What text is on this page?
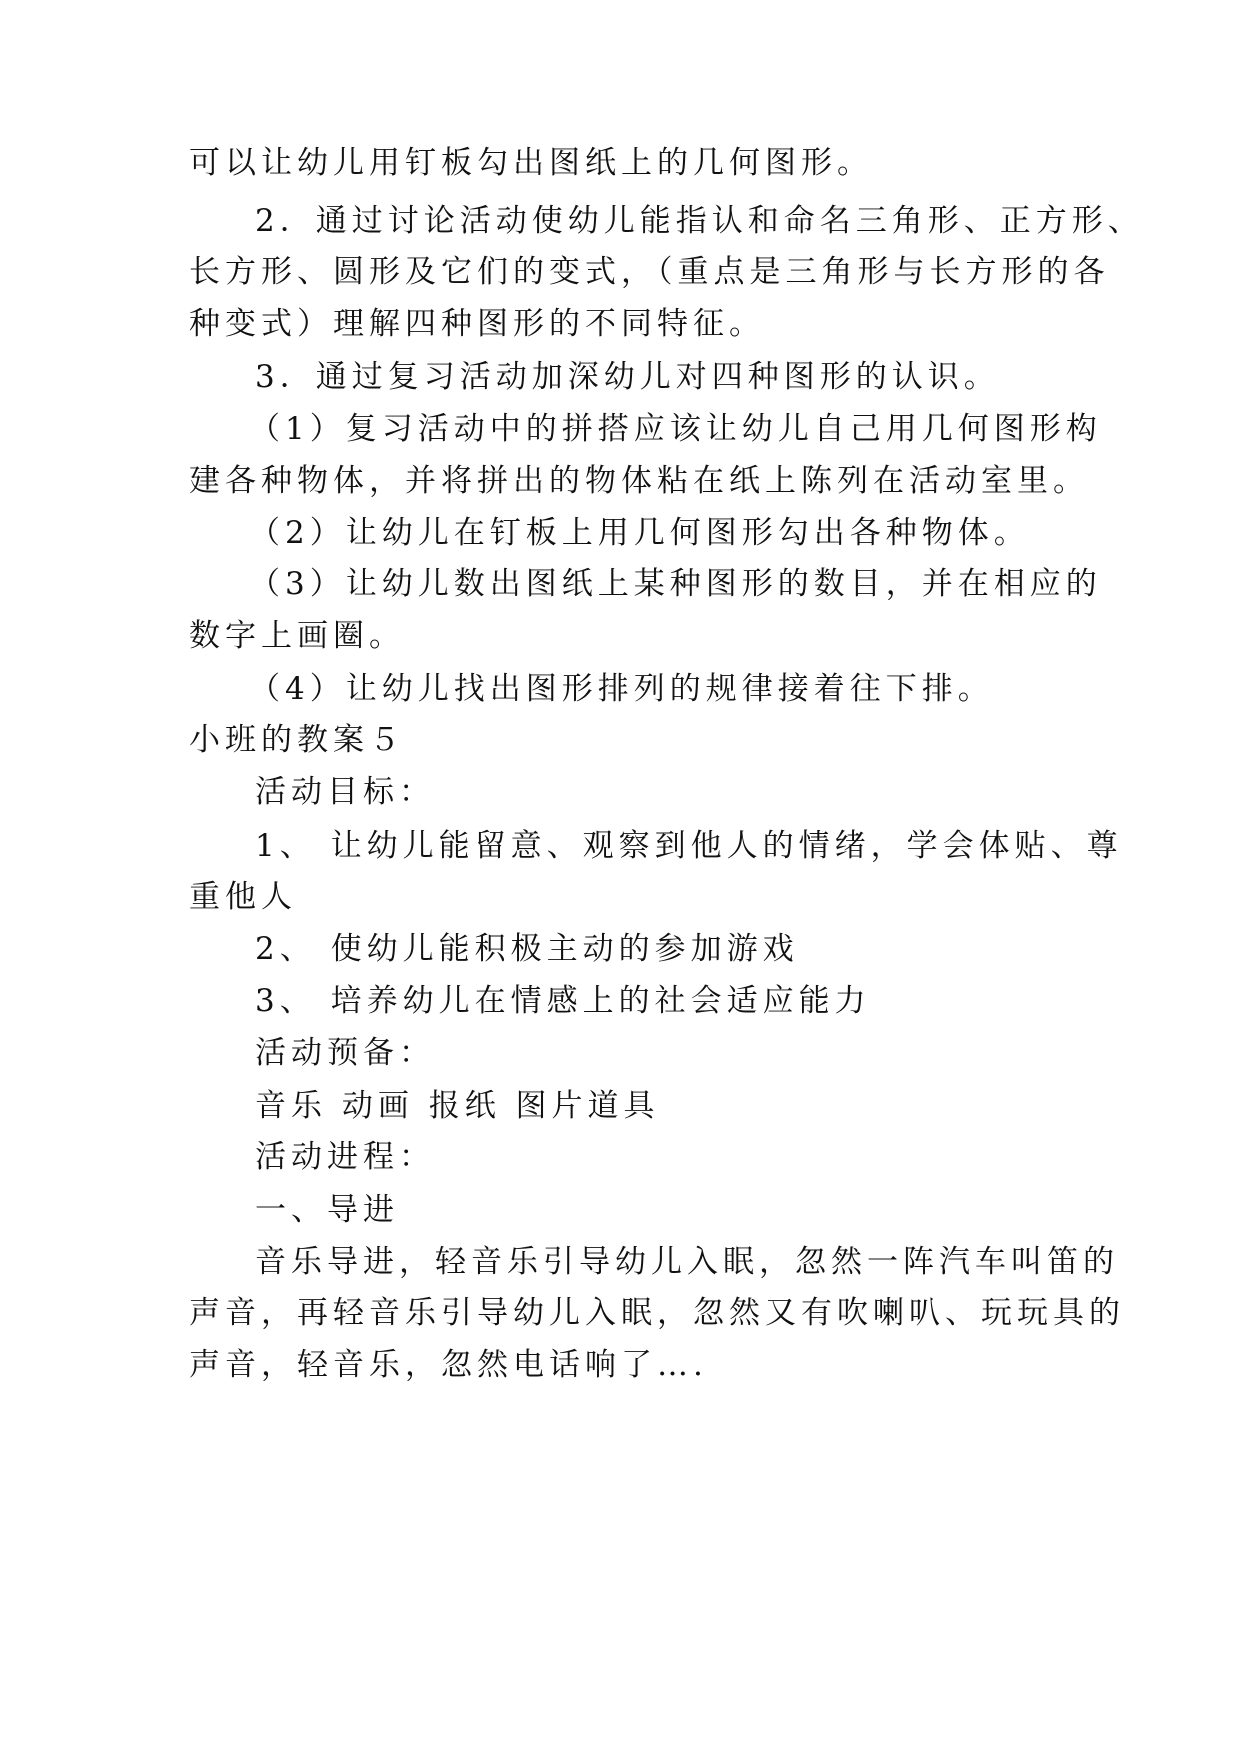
可以让幼儿用钉板勾出图纸上的几何图形。
2．通过讨论活动使幼儿能指认和命名三角形、正方形、
长方形、圆形及它们的变式，（重点是三角形与长方形的各
种变式）理解四种图形的不同特征。
3．通过复习活动加深幼儿对四种图形的认识。
（1）复习活动中的拼搭应该让幼儿自己用几何图形构
建各种物体，并将拼出的物体粘在纸上陈列在活动室里。
（2）让幼儿在钉板上用几何图形勾出各种物体。
（3）让幼儿数出图纸上某种图形的数目，并在相应的
数字上画圈。
（4）让幼儿找出图形排列的规律接着往下排。
小班的教案５
活动目标：
1、 让幼儿能留意、观察到他人的情绪，学会体贴、尊
重他人
2、 使幼儿能积极主动的参加游戏
3、 培养幼儿在情感上的社会适应能力
活动预备：
音乐 动画 报纸 图片道具
活动进程：
一、导进
音乐导进，轻音乐引导幼儿入眠，忽然一阵汽车叫笛的
声音，再轻音乐引导幼儿入眠，忽然又有吹喇叭、玩玩具的
声音，轻音乐，忽然电话响了….
